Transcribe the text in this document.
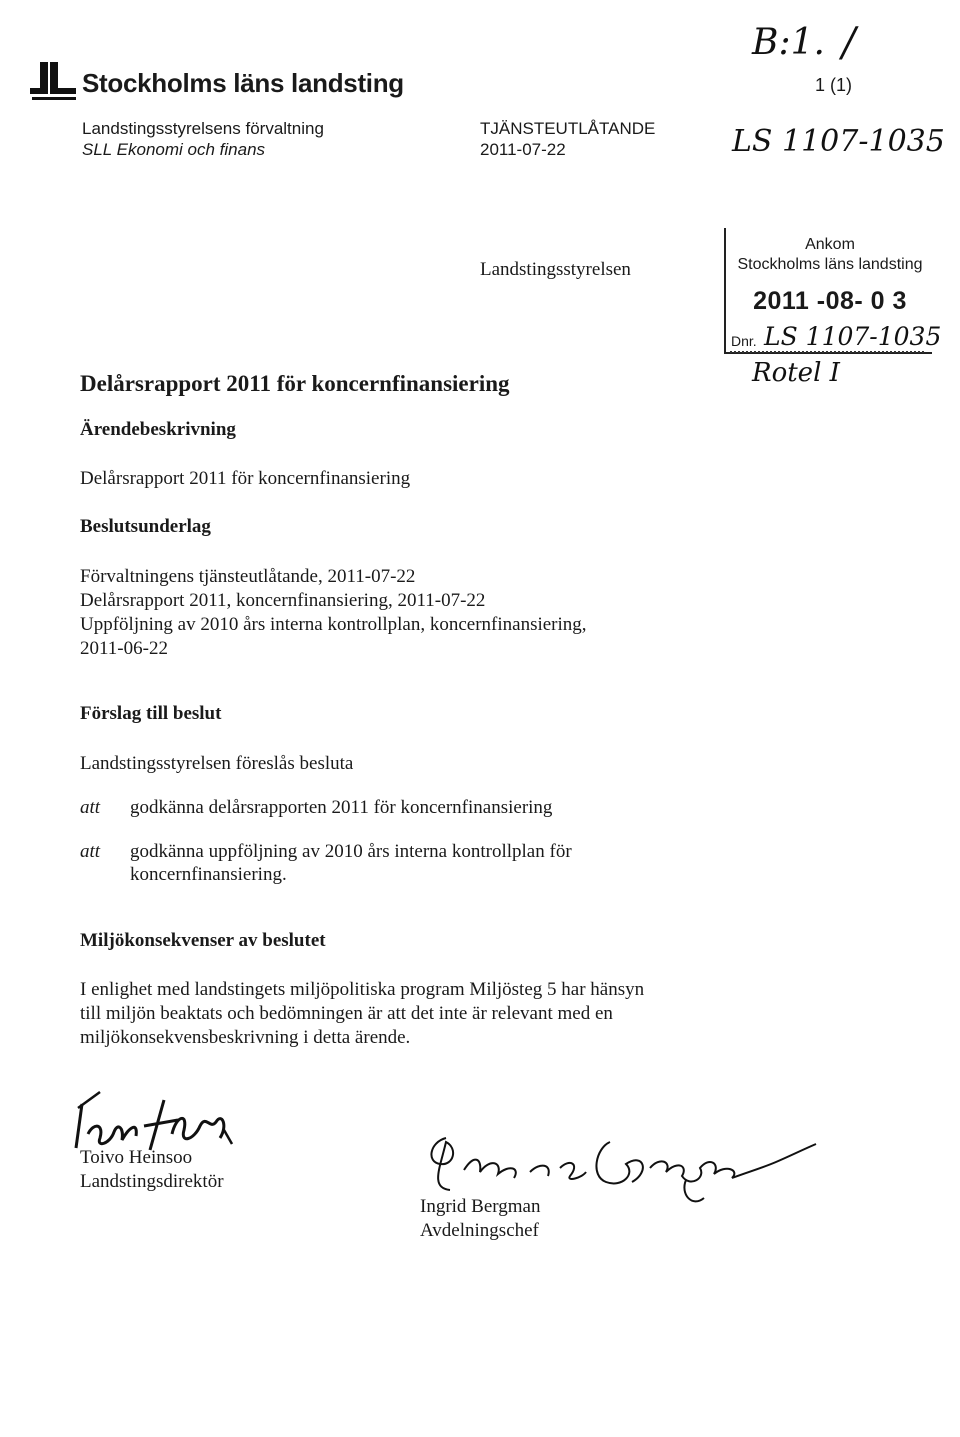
Stockholms läns landsting
B:1. /
1 (1)
Landstingsstyrelsens förvaltning
SLL Ekonomi och finans
TJÄNSTEUTLÅTANDE
2011-07-22	LS 1107-1035
Landstingsstyrelsen
Ankom
Stockholms läns landsting
2011 -08- 0 3
Dnr. LS 1107-1035
Rotel I
Delårsrapport 2011 för koncernfinansiering
Ärendebeskrivning
Delårsrapport 2011 för koncernfinansiering
Beslutsunderlag
Förvaltningens tjänsteutlåtande, 2011-07-22
Delårsrapport 2011, koncernfinansiering, 2011-07-22
Uppföljning av 2010 års interna kontrollplan, koncernfinansiering,
2011-06-22
Förslag till beslut
Landstingsstyrelsen föreslås besluta
att godkänna delårsrapporten 2011 för koncernfinansiering
att godkänna uppföljning av 2010 års interna kontrollplan för
koncernfinansiering.
Miljökonsekvenser av beslutet
I enlighet med landstingets miljöpolitiska program Miljösteg 5 har hänsyn
till miljön beaktats och bedömningen är att det inte är relevant med en
miljökonsekvensbeskrivning i detta ärende.
Toivo Heinsoo
Landstingsdirektör
Ingrid Bergman
Avdelningschef
